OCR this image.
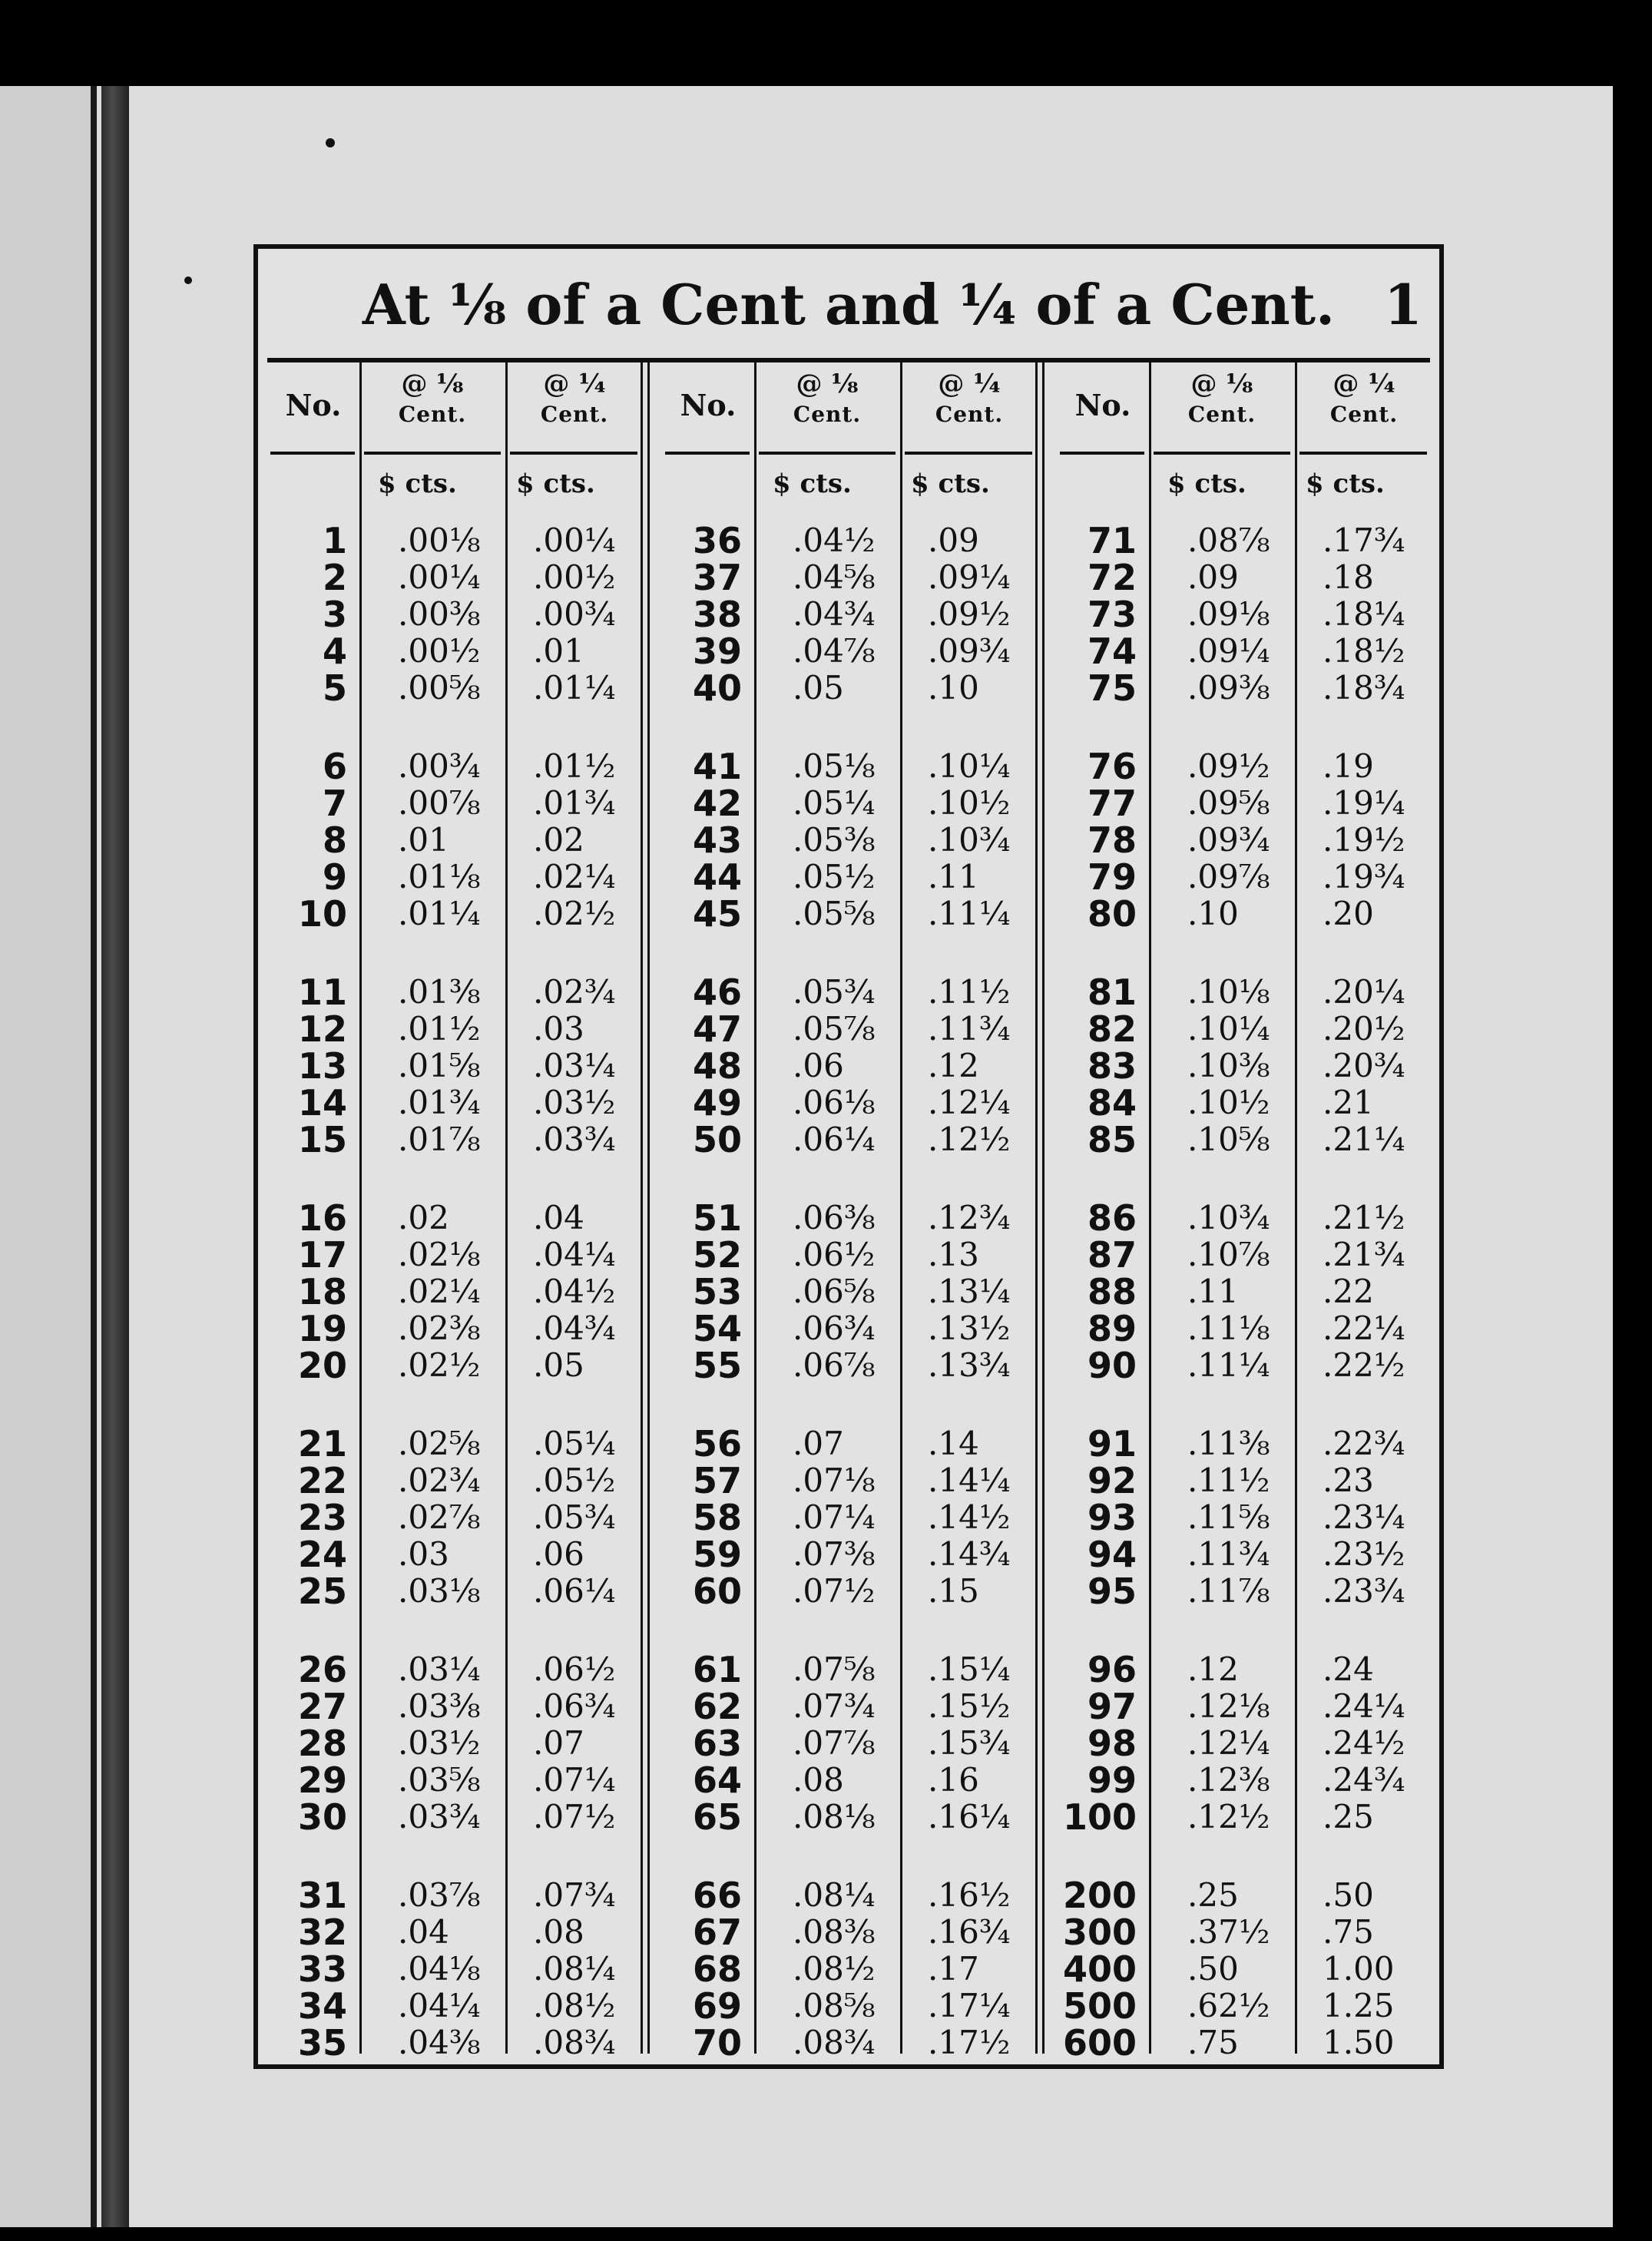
At ⅛ of a Cent and ¼ of a Cent. 1
No.
@ ⅛
Cent.
@ ¼
Cent.
$ cts. $ cts.
1 .00⅛	.00¼
2 .00¼	.00½
3 .00⅜	.00¾
4 .00½	.01
5 .00⅝	.01¼
6 .00¾	.01½
7 .00⅞	.01¾
8 .01	.02
9 .01⅛	.02¼
10 .01¼	.02½
11 .01⅜	.02¾
12 .01½	.03
13 .01⅝	.03¼
14 .01¾	.03½
15 .01⅞	.03¾
16 .02	.04
17 .02⅛	.04¼
18 .02¼	.04½
19 .02⅜	.04¾
20 .02½	.05
21 .02⅝	.05¼
22 .02¾	.05½
23 .02⅞	.05¾
24 .03	.06
25 .03⅛	.06¼
26 .03¼	.06½
27 .03⅜	.06¾
28 .03½	.07
29 .03⅝	.07¼
30 .03¾	.07½
31 .03⅞	.07¾
32 .04	.08
33 .04⅛	.08¼
34 .04¼	.08½
35 .04⅜	.08¾
No.
@ ⅛
Cent.
@ ¼
Cent.
$ cts. $ cts.
36 .04½	.09
37 .04⅝	.09¼
38 .04¾	.09½
39 .04⅞	.09¾
40 .05	.10
41 .05⅛	.10¼
42 .05¼	.10½
43 .05⅜	.10¾
44 .05½	.11
45 .05⅝	.11¼
46 .05¾	.11½
47 .05⅞	.11¾
48 .06	.12
49 .06⅛	.12¼
50 .06¼	.12½
51 .06⅜	.12¾
52 .06½	.13
53 .06⅝	.13¼
54 .06¾	.13½
55 .06⅞	.13¾
56 .07	.14
57 .07⅛	.14¼
58 .07¼	.14½
59 .07⅜	.14¾
60 .07½	.15
61 .07⅝	.15¼
62 .07¾	.15½
63 .07⅞	.15¾
64 .08	.16
65 .08⅛	.16¼
66 .08¼	.16½
67 .08⅜	.16¾
68 .08½	.17
69 .08⅝	.17¼
70 .08¾	.17½
No.
@ ⅛
Cent.
@ ¼
Cent.
$ cts. $ cts.
71 .08⅞	.17¾
72 .09	.18
73 .09⅛	.18¼
74 .09¼	.18½
75 .09⅜	.18¾
76 .09½	.19
77 .09⅝	.19¼
78 .09¾	.19½
79 .09⅞	.19¾
80 .10	.20
81 .10⅛	.20¼
82 .10¼	.20½
83 .10⅜	.20¾
84 .10½	.21
85 .10⅝	.21¼
86 .10¾	.21½
87 .10⅞	.21¾
88 .11	.22
89 .11⅛	.22¼
90 .11¼	.22½
91 .11⅜	.22¾
92 .11½	.23
93 .11⅝	.23¼
94 .11¾	.23½
95 .11⅞	.23¾
96 .12	.24
97 .12⅛	.24¼
98 .12¼	.24½
99 .12⅜	.24¾
100 .12½	.25
200 .25	.50
300 .37½	.75
400 .50	1.00
500 .62½	1.25
600 .75	1.50
